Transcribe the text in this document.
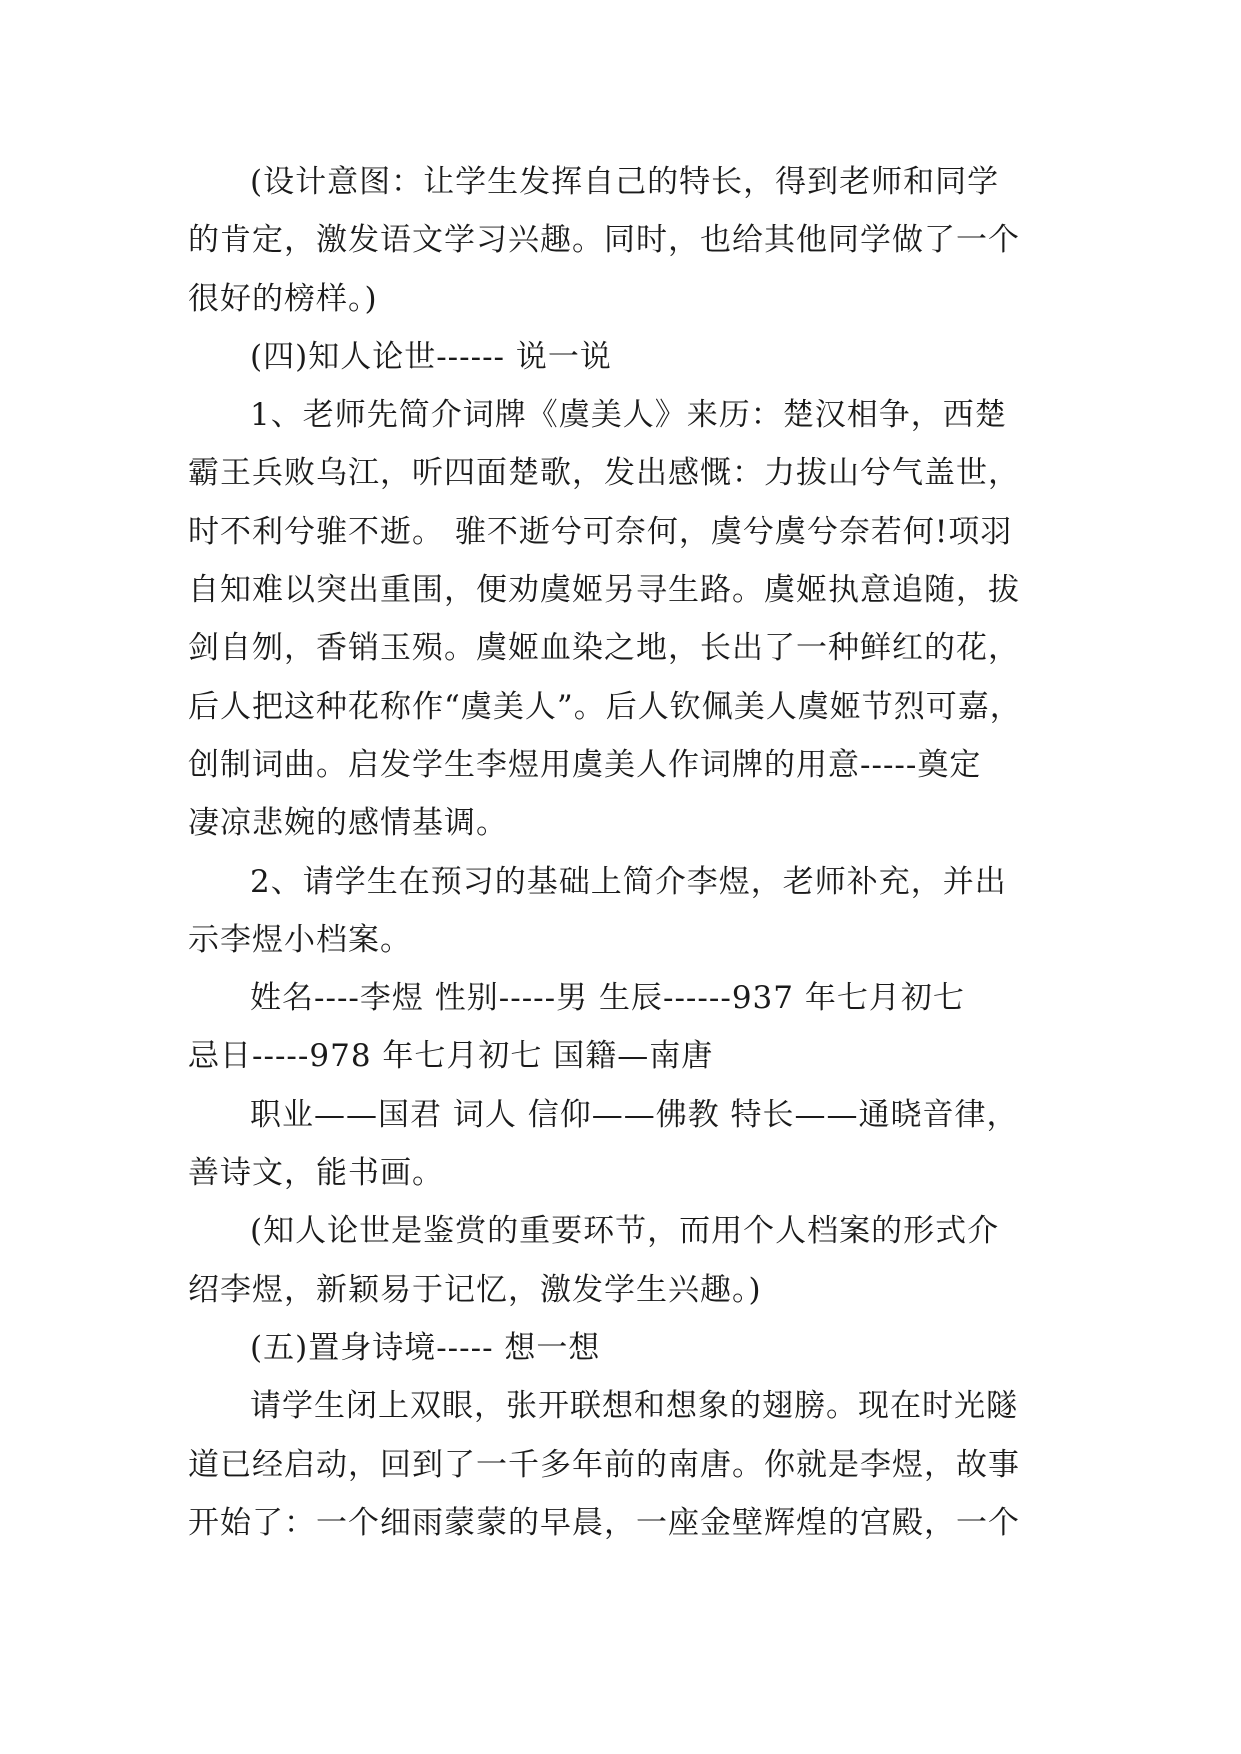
(设计意图：让学生发挥自己的特长，得到老师和同学
的肯定，激发语文学习兴趣。同时，也给其他同学做了一个
很好的榜样。)
(四)知人论世------ 说一说
1、老师先简介词牌《虞美人》来历：楚汉相争，西楚
霸王兵败乌江，听四面楚歌，发出感慨：力拔山兮气盖世，
时不利兮骓不逝。 骓不逝兮可奈何，虞兮虞兮奈若何!项羽
自知难以突出重围，便劝虞姬另寻生路。虞姬执意追随，拔
剑自刎，香销玉殒。虞姬血染之地，长出了一种鲜红的花，
后人把这种花称作“虞美人”。后人钦佩美人虞姬节烈可嘉，
创制词曲。启发学生李煜用虞美人作词牌的用意-----奠定
凄凉悲婉的感情基调。
2、请学生在预习的基础上简介李煜，老师补充，并出
示李煜小档案。
姓名----李煜 性别-----男 生辰------937 年七月初七
忌日-----978 年七月初七 国籍—南唐
职业——国君 词人 信仰——佛教 特长——通晓音律，
善诗文，能书画。
(知人论世是鉴赏的重要环节，而用个人档案的形式介
绍李煜，新颖易于记忆，激发学生兴趣。)
(五)置身诗境----- 想一想
请学生闭上双眼，张开联想和想象的翅膀。现在时光隧
道已经启动，回到了一千多年前的南唐。你就是李煜，故事
开始了：一个细雨蒙蒙的早晨，一座金壁辉煌的宫殿，一个
